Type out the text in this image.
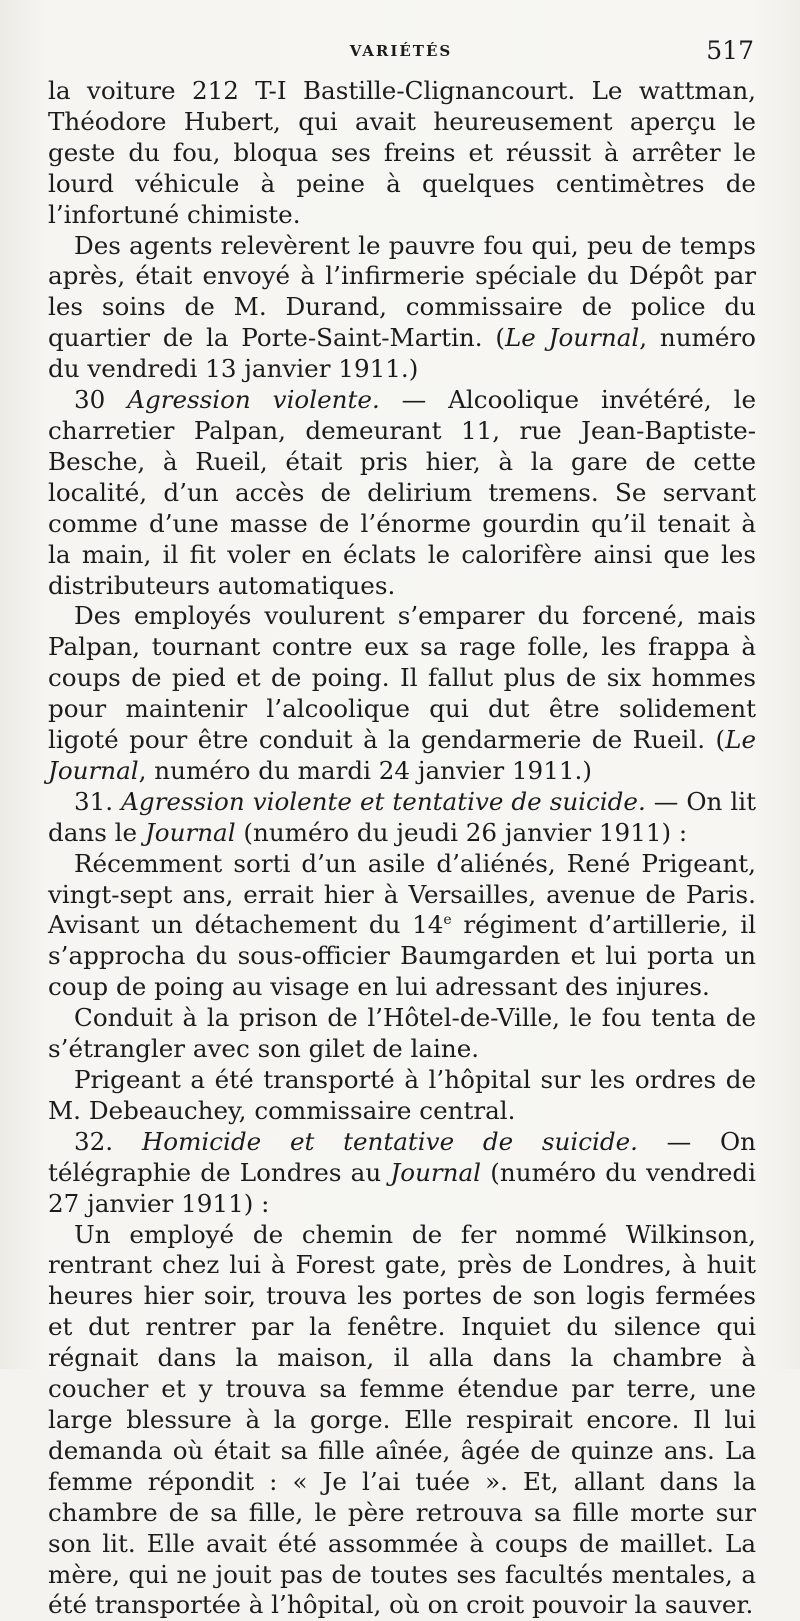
VARIÉTÉS	517

la voiture 212 T-I Bastille-Clignancourt. Le wattman, Théodore Hubert, qui avait heureusement aperçu le geste du fou, bloqua ses freins et réussit à arrêter le lourd véhicule à peine à quelques centimètres de l’infortuné chimiste.

Des agents relevèrent le pauvre fou qui, peu de temps après, était envoyé à l’infirmerie spéciale du Dépôt par les soins de M. Durand, commissaire de police du quartier de la Porte-Saint-Martin. (Le Journal, numéro du vendredi 13 janvier 1911.)

30 Agression violente. — Alcoolique invétéré, le charretier Palpan, demeurant 11, rue Jean-Baptiste-Besche, à Rueil, était pris hier, à la gare de cette localité, d’un accès de delirium tremens. Se servant comme d’une masse de l’énorme gourdin qu’il tenait à la main, il fit voler en éclats le calorifère ainsi que les distributeurs automatiques.

Des employés voulurent s’emparer du forcené, mais Palpan, tournant contre eux sa rage folle, les frappa à coups de pied et de poing. Il fallut plus de six hommes pour maintenir l’alcoolique qui dut être solidement ligoté pour être conduit à la gendarmerie de Rueil. (Le Journal, numéro du mardi 24 janvier 1911.)

31. Agression violente et tentative de suicide. — On lit dans le Journal (numéro du jeudi 26 janvier 1911) :

Récemment sorti d’un asile d’aliénés, René Prigeant, vingt-sept ans, errait hier à Versailles, avenue de Paris. Avisant un détachement du 14e régiment d’artillerie, il s’approcha du sous-officier Baumgarden et lui porta un coup de poing au visage en lui adressant des injures.

Conduit à la prison de l’Hôtel-de-Ville, le fou tenta de s’étrangler avec son gilet de laine.

Prigeant a été transporté à l’hôpital sur les ordres de M. Debeauchey, commissaire central.

32. Homicide et tentative de suicide. — On télégraphie de Londres au Journal (numéro du vendredi 27 janvier 1911) :

Un employé de chemin de fer nommé Wilkinson, rentrant chez lui à Forest gate, près de Londres, à huit heures hier soir, trouva les portes de son logis fermées et dut rentrer par la fenêtre. Inquiet du silence qui régnait dans la maison, il alla dans la chambre à coucher et y trouva sa femme étendue par terre, une large blessure à la gorge. Elle respirait encore. Il lui demanda où était sa fille aînée, âgée de quinze ans. La femme répondit : « Je l’ai tuée ». Et, allant dans la chambre de sa fille, le père retrouva sa fille morte sur son lit. Elle avait été assommée à coups de maillet. La mère, qui ne jouit pas de toutes ses facultés mentales, a été transportée à l’hôpital, où on croit pouvoir la sauver.
